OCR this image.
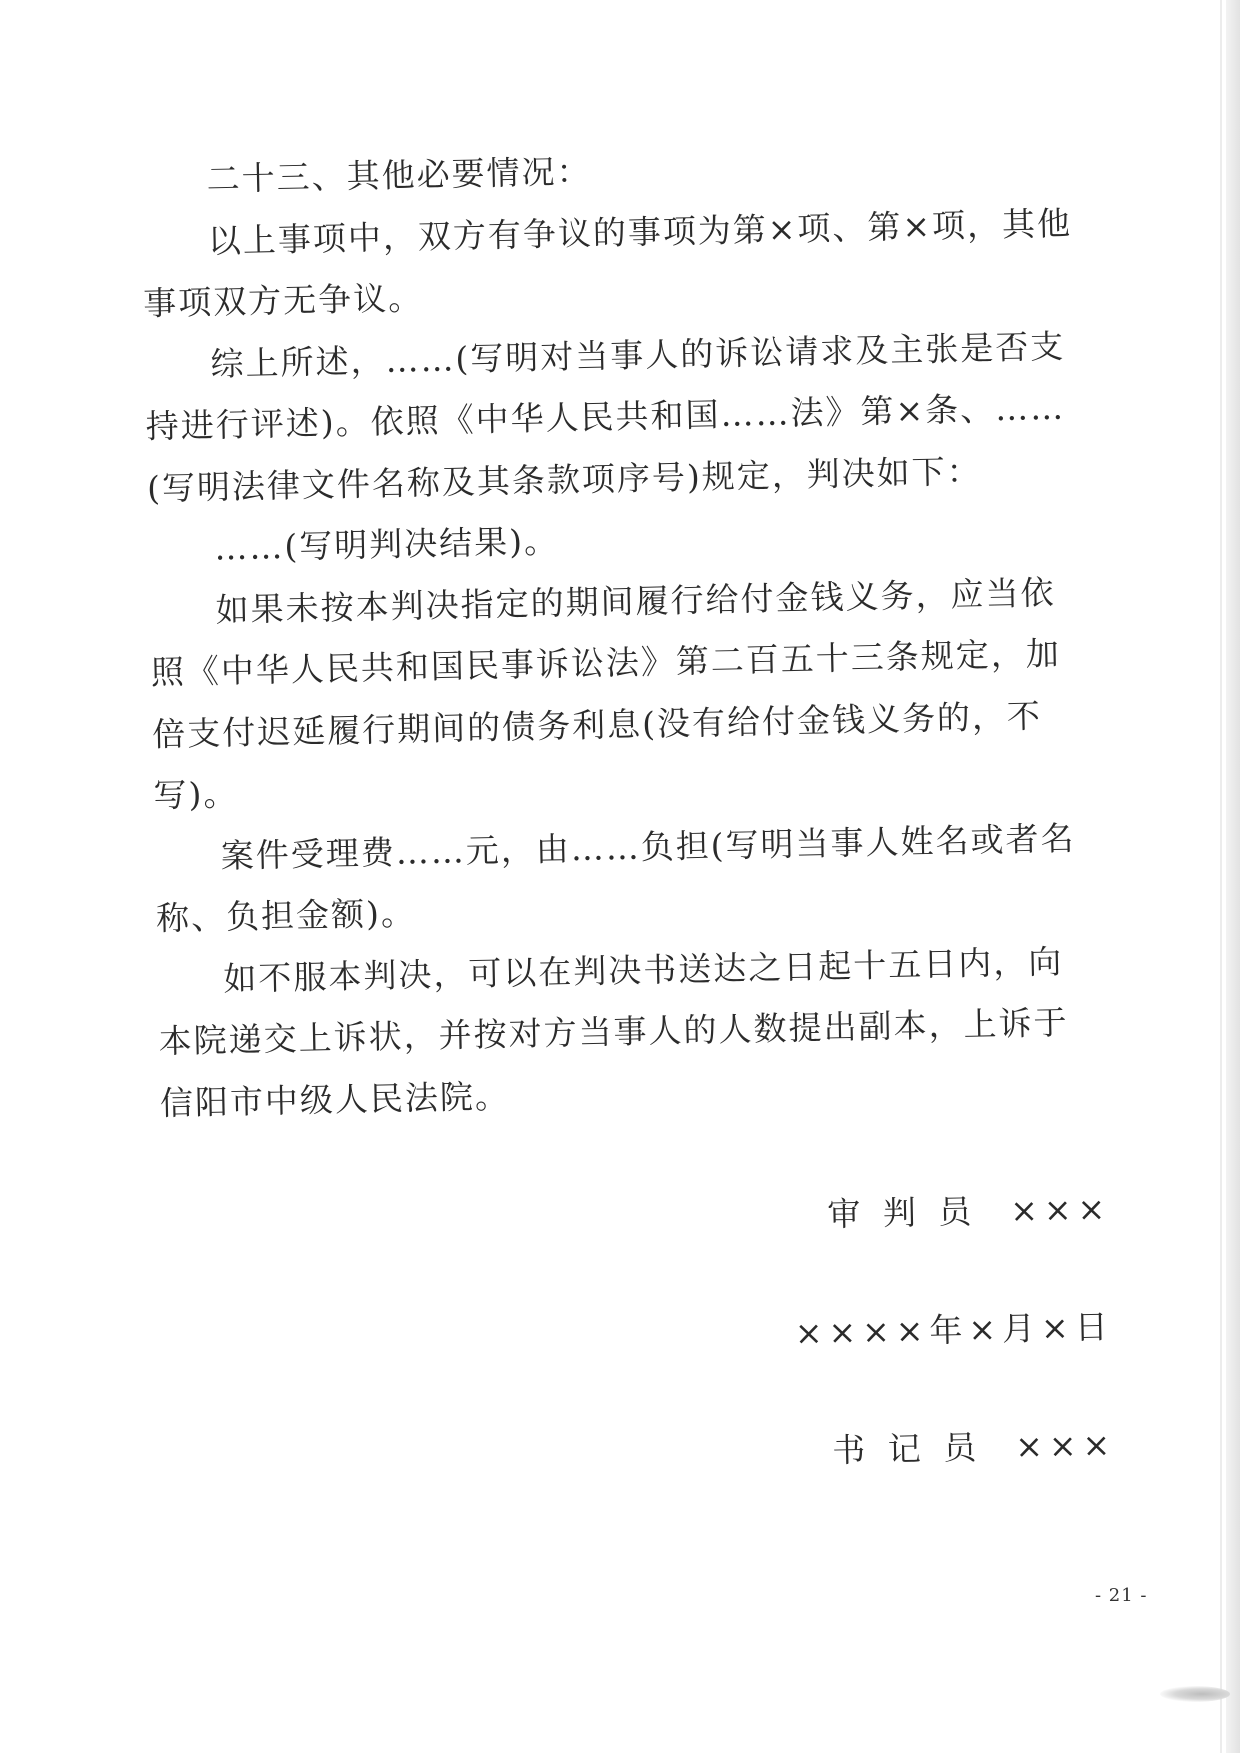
二十三、其他必要情况：

以上事项中，双方有争议的事项为第×项、第×项，其他事项双方无争议。

综上所述，……(写明对当事人的诉讼请求及主张是否支持进行评述)。依照《中华人民共和国……法》第×条、……(写明法律文件名称及其条款项序号)规定，判决如下：

……(写明判决结果)。

如果未按本判决指定的期间履行给付金钱义务，应当依照《中华人民共和国民事诉讼法》第二百五十三条规定，加倍支付迟延履行期间的债务利息(没有给付金钱义务的，不写)。

案件受理费……元，由……负担(写明当事人姓名或者名称、负担金额)。

如不服本判决，可以在判决书送达之日起十五日内，向本院递交上诉状，并按对方当事人的人数提出副本，上诉于信阳市中级人民法院。

审 判 员  ×××

××××年×月×日

书 记 员  ×××

- 21 -
